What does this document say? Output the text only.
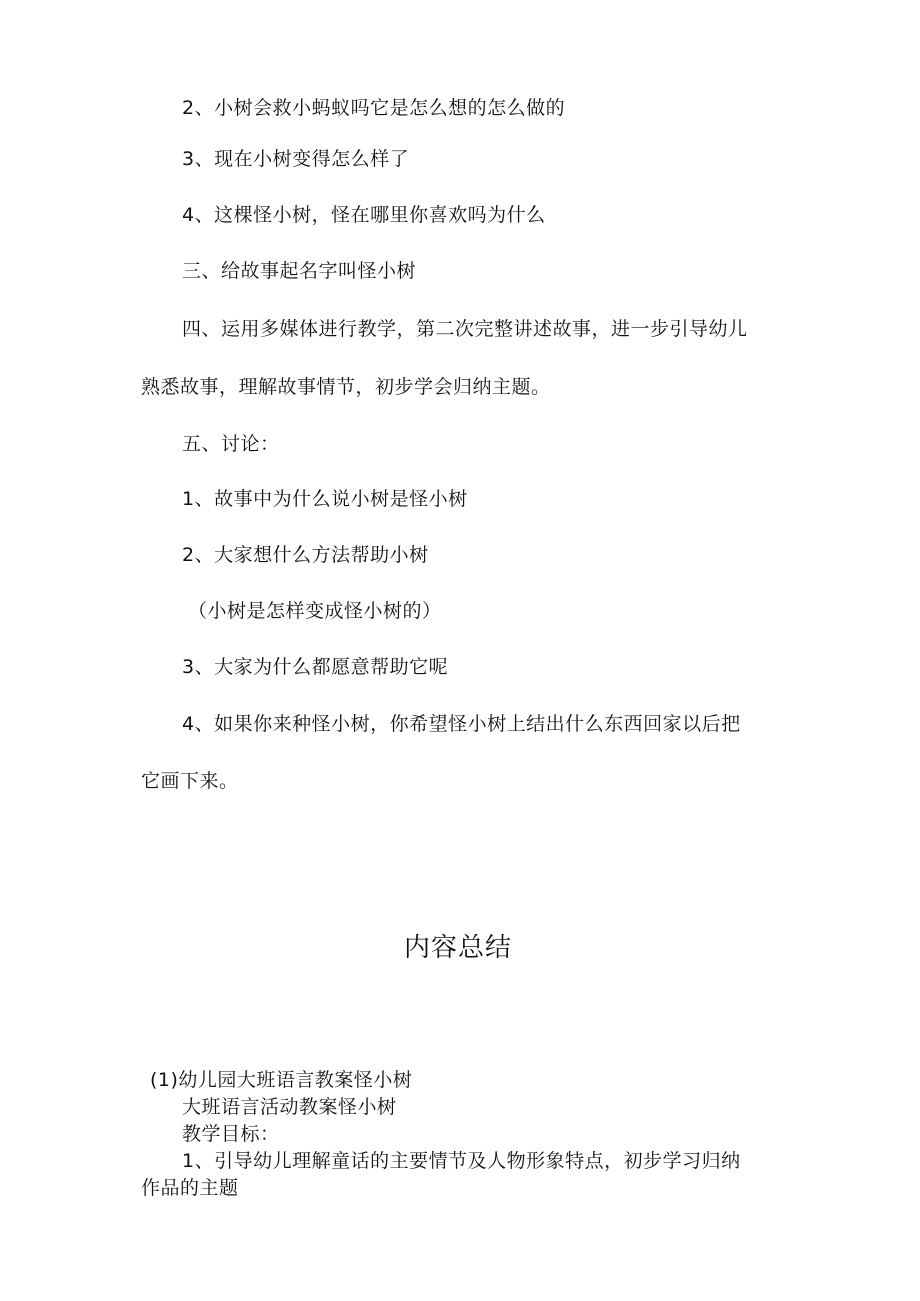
2、小树会救小蚂蚁吗它是怎么想的怎么做的
3、现在小树变得怎么样了
4、这棵怪小树，怪在哪里你喜欢吗为什么
三、给故事起名字叫怪小树
四、运用多媒体进行教学，第二次完整讲述故事，进一步引导幼儿
熟悉故事，理解故事情节，初步学会归纳主题。
五、讨论：
1、故事中为什么说小树是怪小树
2、大家想什么方法帮助小树
（小树是怎样变成怪小树的）
3、大家为什么都愿意帮助它呢
4、如果你来种怪小树，你希望怪小树上结出什么东西回家以后把
它画下来。
内容总结
(1)幼儿园大班语言教案怪小树
大班语言活动教案怪小树
教学目标：
1、引导幼儿理解童话的主要情节及人物形象特点，初步学习归纳
作品的主题
